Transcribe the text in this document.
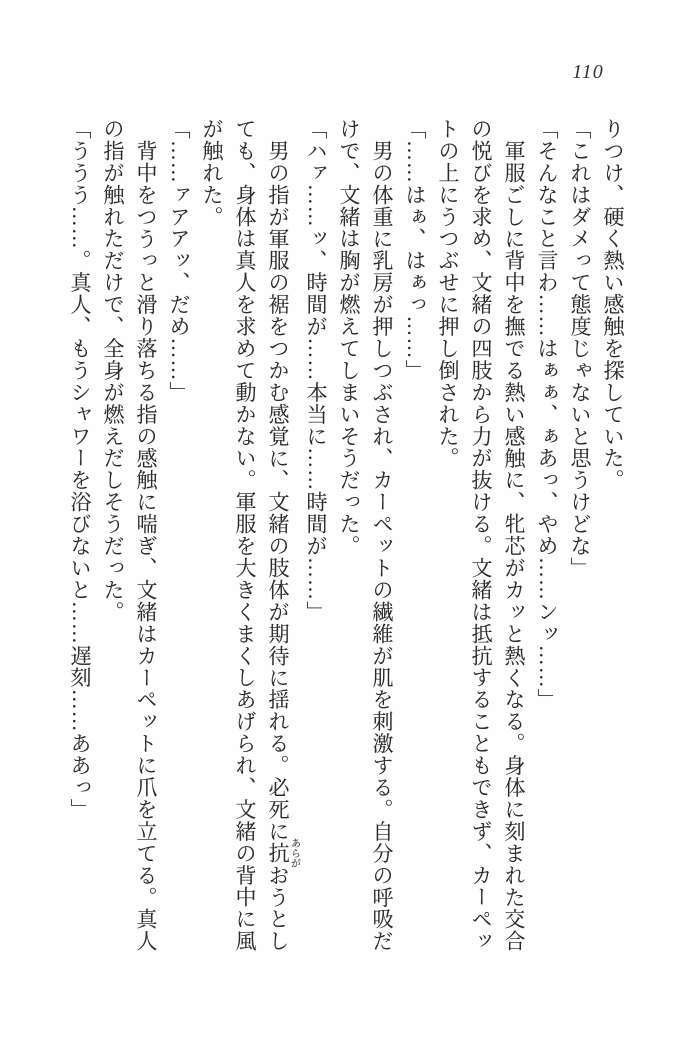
110

りつけ、硬く熱い感触を探していた。

「これはダメって態度じゃないと思うけどな」

「そんなこと言わ……はぁぁ、ぁあっ、やめ……ンッ……」

軍服ごしに背中を撫でる熱い感触に、牝芯がカッと熱くなる。身体に刻まれた交合

の悦びを求め、文緒の四肢から力が抜ける。文緒は抵抗することもできず、カーペッ

トの上にうつぶせに押し倒された。

「……はぁ、はぁっ……」

男の体重に乳房が押しつぶされ、カーペットの繊維が肌を刺激する。自分の呼吸だ

けで、文緒は胸が燃えてしまいそうだった。

「ハァ……ッ、時間が……本当に……時間が……」

男の指が軍服の裾をつかむ感覚に、文緒の肢体が期待に揺れる。必死に抗あらがおうとし

ても、身体は真人を求めて動かない。軍服を大きくまくしあげられ、文緒の背中に風

が触れた。

「……ァアアッ、だめ……」

背中をつうっと滑り落ちる指の感触に喘ぎ、文緒はカーペットに爪を立てる。真人

の指が触れただけで、全身が燃えだしそうだった。

「ううう……。真人、もうシャワーを浴びないと……遅刻……ああっ」
